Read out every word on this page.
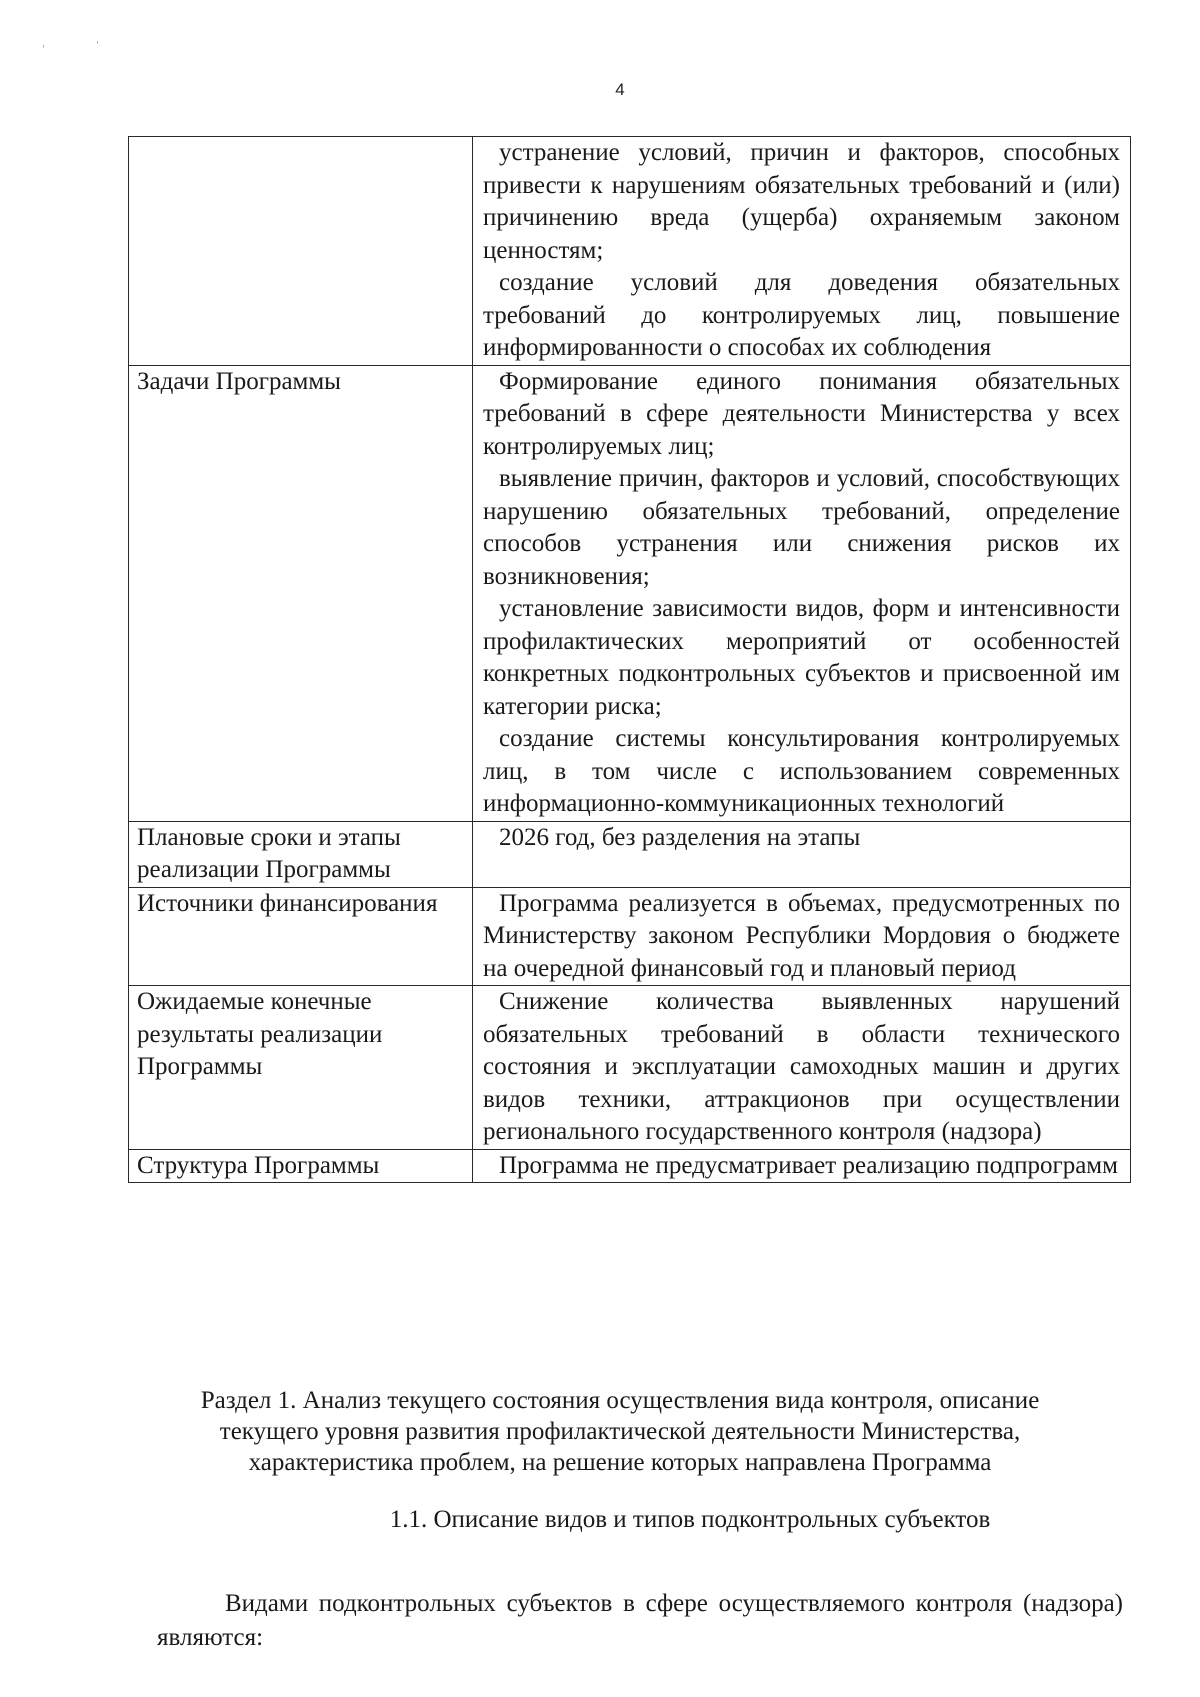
'	'
4

	устранение условий, причин и факторов, способных привести к нарушениям обязательных требований и (или) причинению вреда (ущерба) охраняемым законом ценностям;

создание условий для доведения обязательных требований до контролируемых лиц, повышение информированности о способах их соблюдения

Задачи Программы	Формирование единого понимания обязательных требований в сфере деятельности Министерства у всех контролируемых лиц;

выявление причин, факторов и условий, способствующих нарушению обязательных требований, определение способов устранения или снижения рисков их возникновения;

установление зависимости видов, форм и интенсивности профилактических мероприятий от особенностей конкретных подконтрольных субъектов и присвоенной им категории риска;

создание системы консультирования контролируемых лиц, в том числе с использованием современных информационно-коммуникационных технологий

Плановые сроки и этапы реализации Программы	2026 год, без разделения на этапы

Источники финансирования	Программа реализуется в объемах, предусмотренных по Министерству законом Республики Мордовия о бюджете на очередной финансовый год и плановый период

Ожидаемые конечные результаты реализации Программы	Снижение количества выявленных нарушений обязательных требований в области технического состояния и эксплуатации самоходных машин и других видов техники, аттракционов при осуществлении регионального государственного контроля (надзора)

Структура Программы	Программа не предусматривает реализацию подпрограмм

Раздел 1. Анализ текущего состояния осуществления вида контроля, описание
текущего уровня развития профилактической деятельности Министерства,
характеристика проблем, на решение которых направлена Программа
1.1. Описание видов и типов подконтрольных субъектов

Видами подконтрольных субъектов в сфере осуществляемого контроля (надзора) являются:
